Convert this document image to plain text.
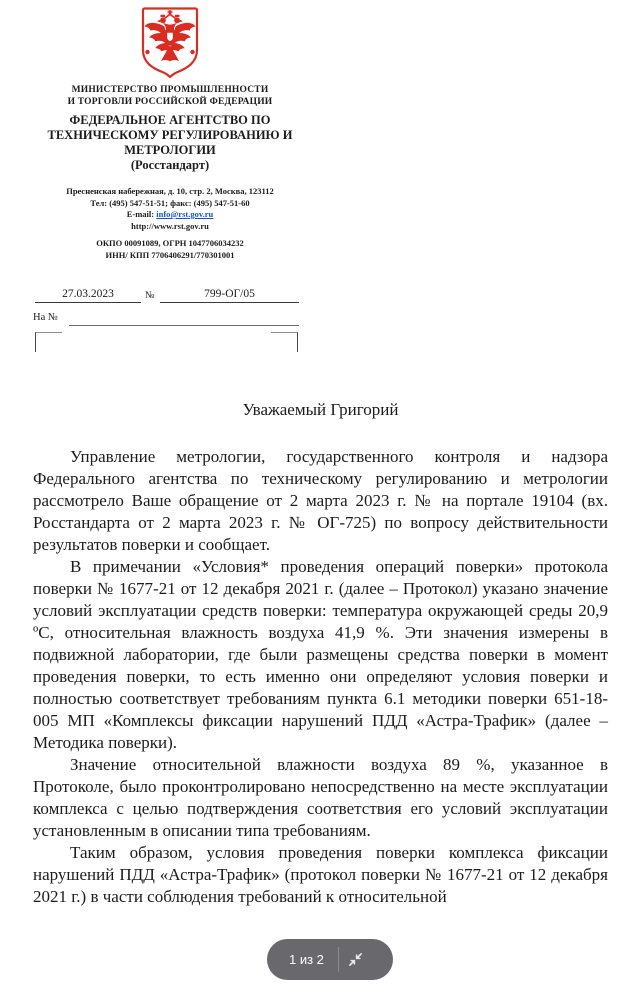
МИНИСТЕРСТВО ПРОМЫШЛЕННОСТИ
И ТОРГОВЛИ РОССИЙСКОЙ ФЕДЕРАЦИИ
ФЕДЕРАЛЬНОЕ АГЕНТСТВО ПО
ТЕХНИЧЕСКОМУ РЕГУЛИРОВАНИЮ И
МЕТРОЛОГИИ
(Росстандарт)
Пресненская набережная, д. 10, стр. 2, Москва, 123112
Тел: (495) 547-51-51; факс: (495) 547-51-60
E-mail: info@rst.gov.ru
http://www.rst.gov.ru
ОКПО 00091089, ОГРН 1047706034232
ИНН/ КПП 7706406291/770301001
27.03.2023	№	799-ОГ/05
На №
Уважаемый Григорий

Управление метрологии, государственного контроля и надзора Федерального агентства по техническому регулированию и метрологии рассмотрело Ваше обращение от 2 марта 2023 г. № на портале 19104 (вх. Росстандарта от 2 марта 2023 г. № ОГ-725) по вопросу действительности результатов поверки и сообщает.

В примечании «Условия* проведения операций поверки» протокола поверки № 1677-21 от 12 декабря 2021 г. (далее – Протокол) указано значение условий эксплуатации средств поверки: температура окружающей среды 20,9 ºС, относительная влажность воздуха 41,9 %. Эти значения измерены в подвижной лаборатории, где были размещены средства поверки в момент проведения поверки, то есть именно они определяют условия поверки и полностью соответствует требованиям пункта 6.1 методики поверки 651-18-005 МП «Комплексы фиксации нарушений ПДД «Астра-Трафик» (далее – Методика поверки).

Значение относительной влажности воздуха 89 %, указанное в Протоколе, было проконтролировано непосредственно на месте эксплуатации комплекса с целью подтверждения соответствия его условий эксплуатации установленным в описании типа требованиям.

Таким образом, условия проведения поверки комплекса фиксации нарушений ПДД «Астра-Трафик» (протокол поверки № 1677-21 от 12 декабря 2021 г.) в части соблюдения требований к относительной

1 из 2
